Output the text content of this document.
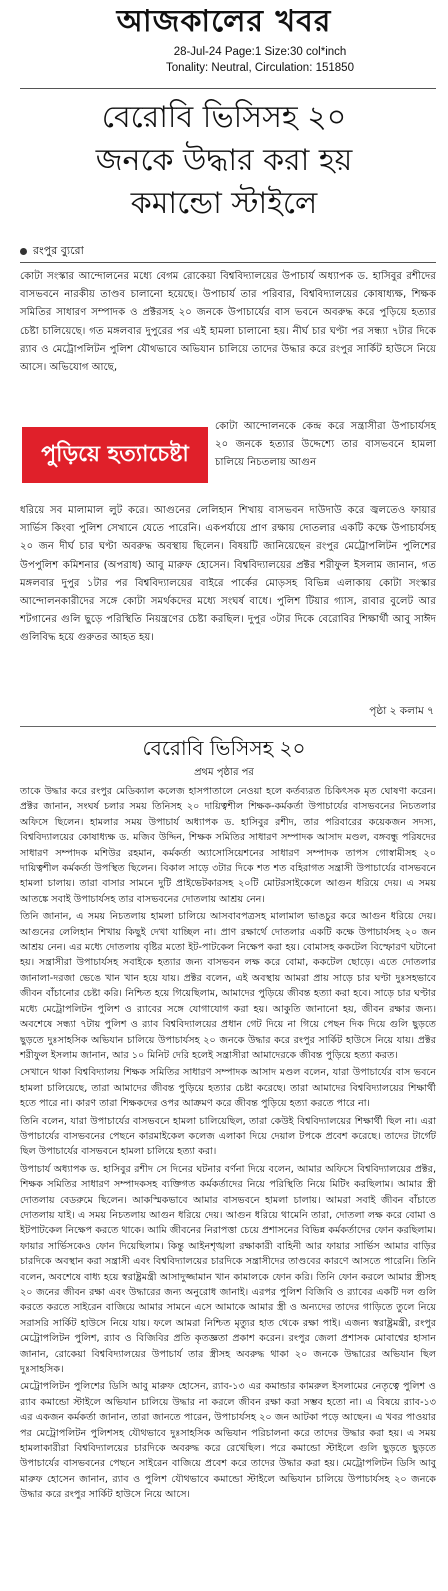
আজকালের খবর
28-Jul-24 Page:1 Size:30 col*inch
Tonality: Neutral, Circulation: 151850
বেরোবি ভিসিসহ ২০
জনকে উদ্ধার করা হয়
কমান্ডো স্টাইলে
রংপুর ব্যুরো
কোটা সংস্কার আন্দোলনের মধ্যে বেগম রোকেয়া বিশ্ববিদ্যালয়ের উপাচার্য অধ্যাপক ড. হাসিবুর রশীদের বাসভবনে নারকীয় তাণ্ডব চালানো হয়েছে। উপাচার্য তার পরিবার, বিশ্ববিদ্যালয়ের কোষাধ্যক্ষ, শিক্ষক সমিতির সাধারণ সম্পাদক ও প্রক্টরসহ ২০ জনকে উপাচার্যের বাস ভবনে অবরুদ্ধ করে পুড়িয়ে হত্যার চেষ্টা চালিয়েছে। গত মঙ্গলবার দুপুরের পর এই হামলা চালানো হয়। নীর্ঘ চার ঘণ্টা পর সন্ধ্যা ৭টার দিকে র‌্যাব ও মেট্রোপলিটন পুলিশ যৌথভাবে অভিযান চালিয়ে তাদের উদ্ধার করে রংপুর সার্কিট হাউসে নিয়ে আসে। অভিযোগ আছে,
পুড়িয়ে হত্যাচেষ্টা
কোটা আন্দোলনকে কেন্দ্র করে সন্ত্রাসীরা উপাচার্যসহ ২০ জনকে হত্যার উদ্দেশ্যে তার বাসভবনে হামলা চালিয়ে নিচতলায় আগুন
ধরিয়ে সব মালামাল লুট করে। আগুনের লেলিহান শিখায় বাসভবন দাউদাউ করে জ্বলতেও ফায়ার সার্ভিস কিংবা পুলিশ সেখানে যেতে পারেনি। একপর্যায়ে প্রাণ রক্ষায় দোতলার একটি কক্ষে উপাচার্যসহ ২০ জন দীর্ঘ চার ঘণ্টা অবরুদ্ধ অবস্থায় ছিলেন। বিষয়টি জানিয়েছেন রংপুর মেট্রোপলিটন পুলিশের উপপুলিশ কমিশনার (অপরাধ) আবু মারুফ হোসেন। বিশ্ববিদ্যালয়ের প্রক্টর শরীফুল ইসলাম জানান, গত মঙ্গলবার দুপুর ১টার পর বিশ্ববিদ্যালয়ের বাইরে পার্কের মোড়সহ বিভিন্ন এলাকায় কোটা সংস্কার আন্দোলনকারীদের সঙ্গে কোটা সমর্থকদের মধ্যে সংঘর্ষ বাধে। পুলিশ টিয়ার গ্যাস, রাবার বুলেট আর শটগানের গুলি ছুড়ে পরিস্থিতি নিয়ন্ত্রণের চেষ্টা করছিল। দুপুর ৩টার দিকে বেরোবির শিক্ষার্থী আবু সাঈদ গুলিবিদ্ধ হয়ে গুরুতর আহত হয়।
পৃষ্ঠা ২ কলাম ৭
বেরোবি ভিসিসহ ২০
প্রথম পৃষ্ঠার পর

তাকে উদ্ধার করে রংপুর মেডিক্যাল কলেজ হাসপাতালে নেওয়া হলে কর্তব্যরত চিকিৎসক মৃত ঘোষণা করেন। প্রক্টর জানান, সংঘর্ষ চলার সময় তিনিসহ ২০ দায়িত্বশীল শিক্ষক-কর্মকর্তা উপাচার্যের বাসভবনের নিচতলার অফিসে ছিলেন। হামলার সময় উপাচার্য অধ্যাপক ড. হাসিবুর রশীদ, তার পরিবারের কয়েকজন সদস্য, বিশ্ববিদ্যালয়ের কোষাধ্যক্ষ ড. মজিব উদ্দিন, শিক্ষক সমিতির সাধারণ সম্পাদক আসাদ মণ্ডল, বঙ্গবন্ধু পরিষদের সাধারণ সম্পাদক মশিউর রহমান, কর্মকর্তা অ্যাসোসিয়েশনের সাধারণ সম্পাদক তাপস গোস্বামীসহ ২০ দায়িত্বশীল কর্মকর্তা উপস্থিত ছিলেন। বিকাল সাড়ে ৩টার দিকে শত শত বহিরাগত সন্ত্রাসী উপাচার্যের বাসভবনে হামলা চালায়। তারা বাসার সামনে দুটি প্রাইভেটকারসহ ২০টি মোটরসাইকেলে আগুন ধরিয়ে দেয়। এ সময় আতঙ্কে সবাই উপাচার্যসহ তার বাসভবনের দোতলায় আশ্রয় নেন।

তিনি জানান, এ সময় নিচতলায় হামলা চালিয়ে আসবাবপত্রসহ মালামাল ভাঙচুর করে আগুন ধরিয়ে দেয়। আগুনের লেলিহান শিখায় কিছুই দেখা যাচ্ছিল না। প্রাণ রক্ষার্থে দোতলার একটি কক্ষে উপাচার্যসহ ২০ জন আশ্রয় নেন। এর মধ্যে দোতলায় বৃষ্টির মতো ইট-পাটকেল নিক্ষেপ করা হয়। বোমাসহ ককটেল বিস্ফোরণ ঘটানো হয়। সন্ত্রাসীরা উপাচার্যসহ সবাইকে হত্যার জন্য বাসভবন লক্ষ করে বোমা, ককটেল ছোড়ে। এতে দোতলার জানালা-দরজা ভেঙে খান খান হয়ে যায়। প্রক্টর বলেন, এই অবস্থায় আমরা প্রায় সাড়ে চার ঘণ্টা দুঃসহভাবে জীবন বাঁচানোর চেষ্টা করি। নিশ্চিত হয়ে গিয়েছিলাম, আমাদের পুড়িয়ে জীবন্ত হত্যা করা হবে। সাড়ে চার ঘণ্টার মধ্যে মেট্রোপলিটন পুলিশ ও র‌্যাবের সঙ্গে যোগাযোগ করা হয়। আকুতি জানানো হয়, জীবন রক্ষার জন্য। অবশেষে সন্ধ্যা ৭টায় পুলিশ ও র‌্যাব বিশ্ববিদ্যালয়ের প্রধান গেট দিয়ে না গিয়ে পেছন দিক দিয়ে গুলি ছুড়তে ছুড়তে দুঃসাহসিক অভিযান চালিয়ে উপাচার্যসহ ২০ জনকে উদ্ধার করে রংপুর সার্কিট হাউসে নিয়ে যায়। প্রক্টর শরীফুল ইসলাম জানান, আর ১০ মিনিট দেরি হলেই সন্ত্রাসীরা আমাদেরকে জীবন্ত পুড়িয়ে হত্যা করত।

সেখানে থাকা বিশ্ববিদ্যালয় শিক্ষক সমিতির সাধারণ সম্পাদক আসাদ মণ্ডল বলেন, যারা উপাচার্যের বাস ভবনে হামলা চালিয়েছে, তারা আমাদের জীবন্ত পুড়িয়ে হত্যার চেষ্টা করেছে। তারা আমাদের বিশ্ববিদ্যালয়ের শিক্ষার্থী হতে পারে না। কারণ তারা শিক্ষকদের ওপর আক্রমণ করে জীবন্ত পুড়িয়ে হত্যা করতে পারে না।

তিনি বলেন, যারা উপাচার্যের বাসভবনে হামলা চালিয়েছিল, তারা কেউই বিশ্ববিদ্যালয়ের শিক্ষার্থী ছিল না। এরা উপাচার্যের বাসভবনের পেছনে কারমাইকেল কলেজ এলাকা দিয়ে দেয়াল টপকে প্রবেশ করেছে। তাদের টার্গেট ছিল উপাচার্যের বাসভবনে হামলা চালিয়ে হত্যা করা।

উপাচার্য অধ্যাপক ড. হাসিবুর রশীদ সে দিনের ঘটনার বর্ণনা দিয়ে বলেন, আমার অফিসে বিশ্ববিদ্যালয়ের প্রক্টর, শিক্ষক সমিতির সাধারণ সম্পাদকসহ ব্যক্তিগত কর্মকর্তাদের নিয়ে পরিস্থিতি নিয়ে মিটিং করছিলাম। আমার স্ত্রী দোতলায় বেডরুমে ছিলেন। আকস্মিকভাবে আমার বাসভবনে হামলা চালায়। আমরা সবাই জীবন বাঁচাতে দোতলায় যাই। এ সময় নিচতলায় আগুন ধরিয়ে দেয়। আগুন ধরিয়ে থামেনি তারা, দোতলা লক্ষ করে বোমা ও ইটপাটকেল নিক্ষেপ করতে থাকে। আমি জীবনের নিরাপত্তা চেয়ে প্রশাসনের বিভিন্ন কর্মকর্তাদের ফোন করছিলাম। ফায়ার সার্ভিসকেও ফোন দিয়েছিলাম। কিন্তু আইনশৃঙ্খলা রক্ষাকারী বাহিনী আর ফায়ার সার্ভিস আমার বাড়ির চারদিকে অবস্থান করা সন্ত্রাসী এবং বিশ্ববিদ্যালয়ের চারদিকে সন্ত্রাসীদের তাণ্ডবের কারণে আসতে পারেনি। তিনি বলেন, অবশেষে বাধ্য হয়ে স্বরাষ্ট্রমন্ত্রী আসাদুজ্জামান খান কামালকে ফোন করি। তিনি ফোন করলে আমার স্ত্রীসহ ২০ জনের জীবন রক্ষা এবং উদ্ধারের জন্য অনুরোধ জানাই। এরপর পুলিশ বিজিবি ও র‌্যাবের একটি দল গুলি করতে করতে সাইরেন বাজিয়ে আমার সামনে এসে আমাকে আমার স্ত্রী ও অন্যদের তাদের গাড়িতে তুলে নিয়ে সরাসরি সার্কিট হাউসে নিয়ে যায়। ফলে আমরা নিশ্চিত মৃত্যুর হাত থেকে রক্ষা পাই। এজন্য স্বরাষ্ট্রমন্ত্রী, রংপুর মেট্রোপলিটন পুলিশ, র‌্যাব ও বিজিবির প্রতি কৃতজ্ঞতা প্রকাশ করেন। রংপুর জেলা প্রশাসক মোবাশ্বের হাসান জানান, রোকেয়া বিশ্ববিদ্যালয়ের উপাচার্য তার স্ত্রীসহ অবরুদ্ধ থাকা ২০ জনকে উদ্ধারের অভিযান ছিল দুঃসাহসিক।

মেট্রোপলিটন পুলিশের ডিসি আবু মারুফ হোসেন, র‌্যাব-১৩ এর কমান্ডার কামরুল ইসলামের নেতৃত্বে পুলিশ ও র‌্যাব কমান্ডো স্টাইলে অভিযান চালিয়ে উদ্ধার না করলে জীবন রক্ষা করা সম্ভব হতো না। এ বিষয়ে র‌্যাব-১৩ এর একজন কর্মকর্তা জানান, তারা জানতে পারেন, উপাচার্যসহ ২০ জন আটকা পড়ে আছেন। এ খবর পাওয়ার পর মেট্রোপলিটন পুলিশসহ যৌথভাবে দুঃসাহসিক অভিযান পরিচালনা করে তাদের উদ্ধার করা হয়। এ সময় হামলাকারীরা বিশ্ববিদ্যালয়ের চারদিকে অবরুদ্ধ করে রেখেছিল। পরে কমান্ডো স্টাইলে গুলি ছুড়তে ছুড়তে উপাচার্যের বাসভবনের পেছনে সাইরেন বাজিয়ে প্রবেশ করে তাদের উদ্ধার করা হয়। মেট্রোপলিটন ডিসি আবু মারুফ হোসেন জানান, র‌্যাব ও পুলিশ যৌথভাবে কমান্ডো স্টাইলে অভিযান চালিয়ে উপাচার্যসহ ২০ জনকে উদ্ধার করে রংপুর সার্কিট হাউসে নিয়ে আসে।
